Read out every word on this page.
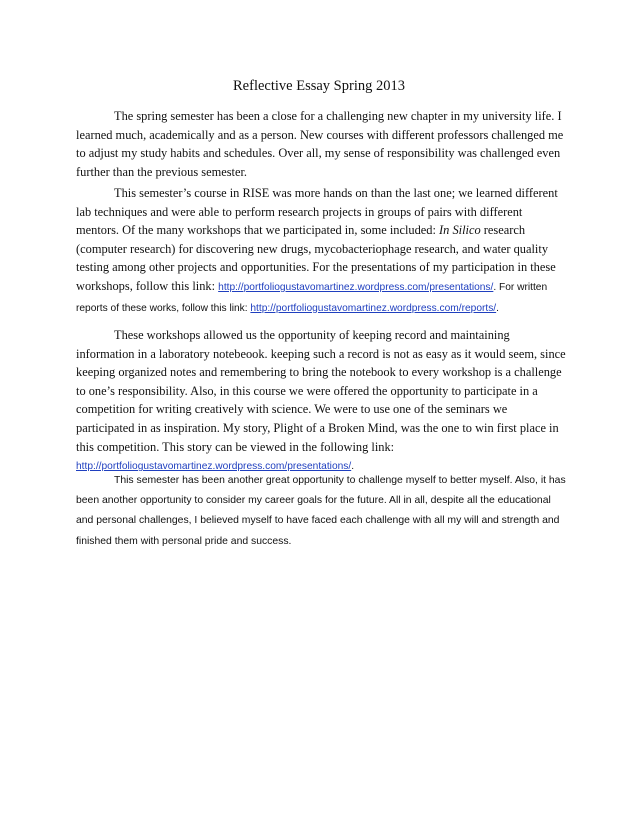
Reflective Essay Spring 2013

The spring semester has been a close for a challenging new chapter in my university life. I learned much, academically and as a person. New courses with different professors challenged me to adjust my study habits and schedules. Over all, my sense of responsibility was challenged even further than the previous semester.

This semester’s course in RISE was more hands on than the last one; we learned different lab techniques and were able to perform research projects in groups of pairs with different mentors. Of the many workshops that we participated in, some included: In Silico research (computer research) for discovering new drugs, mycobacteriophage research, and water quality testing among other projects and opportunities. For the presentations of my participation in these workshops, follow this link: http://portfoliogustavomartinez.wordpress.com/presentations/. For written reports of these works, follow this link: http://portfoliogustavomartinez.wordpress.com/reports/.

These workshops allowed us the opportunity of keeping record and maintaining information in a laboratory notebeook. keeping such a record is not as easy as it would seem, since keeping organized notes and remembering to bring the notebook to every workshop is a challenge to one’s responsibility. Also, in this course we were offered the opportunity to participate in a competition for writing creatively with science. We were to use one of the seminars we participated in as inspiration. My story, Plight of a Broken Mind, was the one to win first place in this competition. This story can be viewed in the following link: http://portfoliogustavomartinez.wordpress.com/presentations/.

This semester has been another great opportunity to challenge myself to better myself. Also, it has been another opportunity to consider my career goals for the future. All in all, despite all the educational and personal challenges, I believed myself to have faced each challenge with all my will and strength and finished them with personal pride and success.
